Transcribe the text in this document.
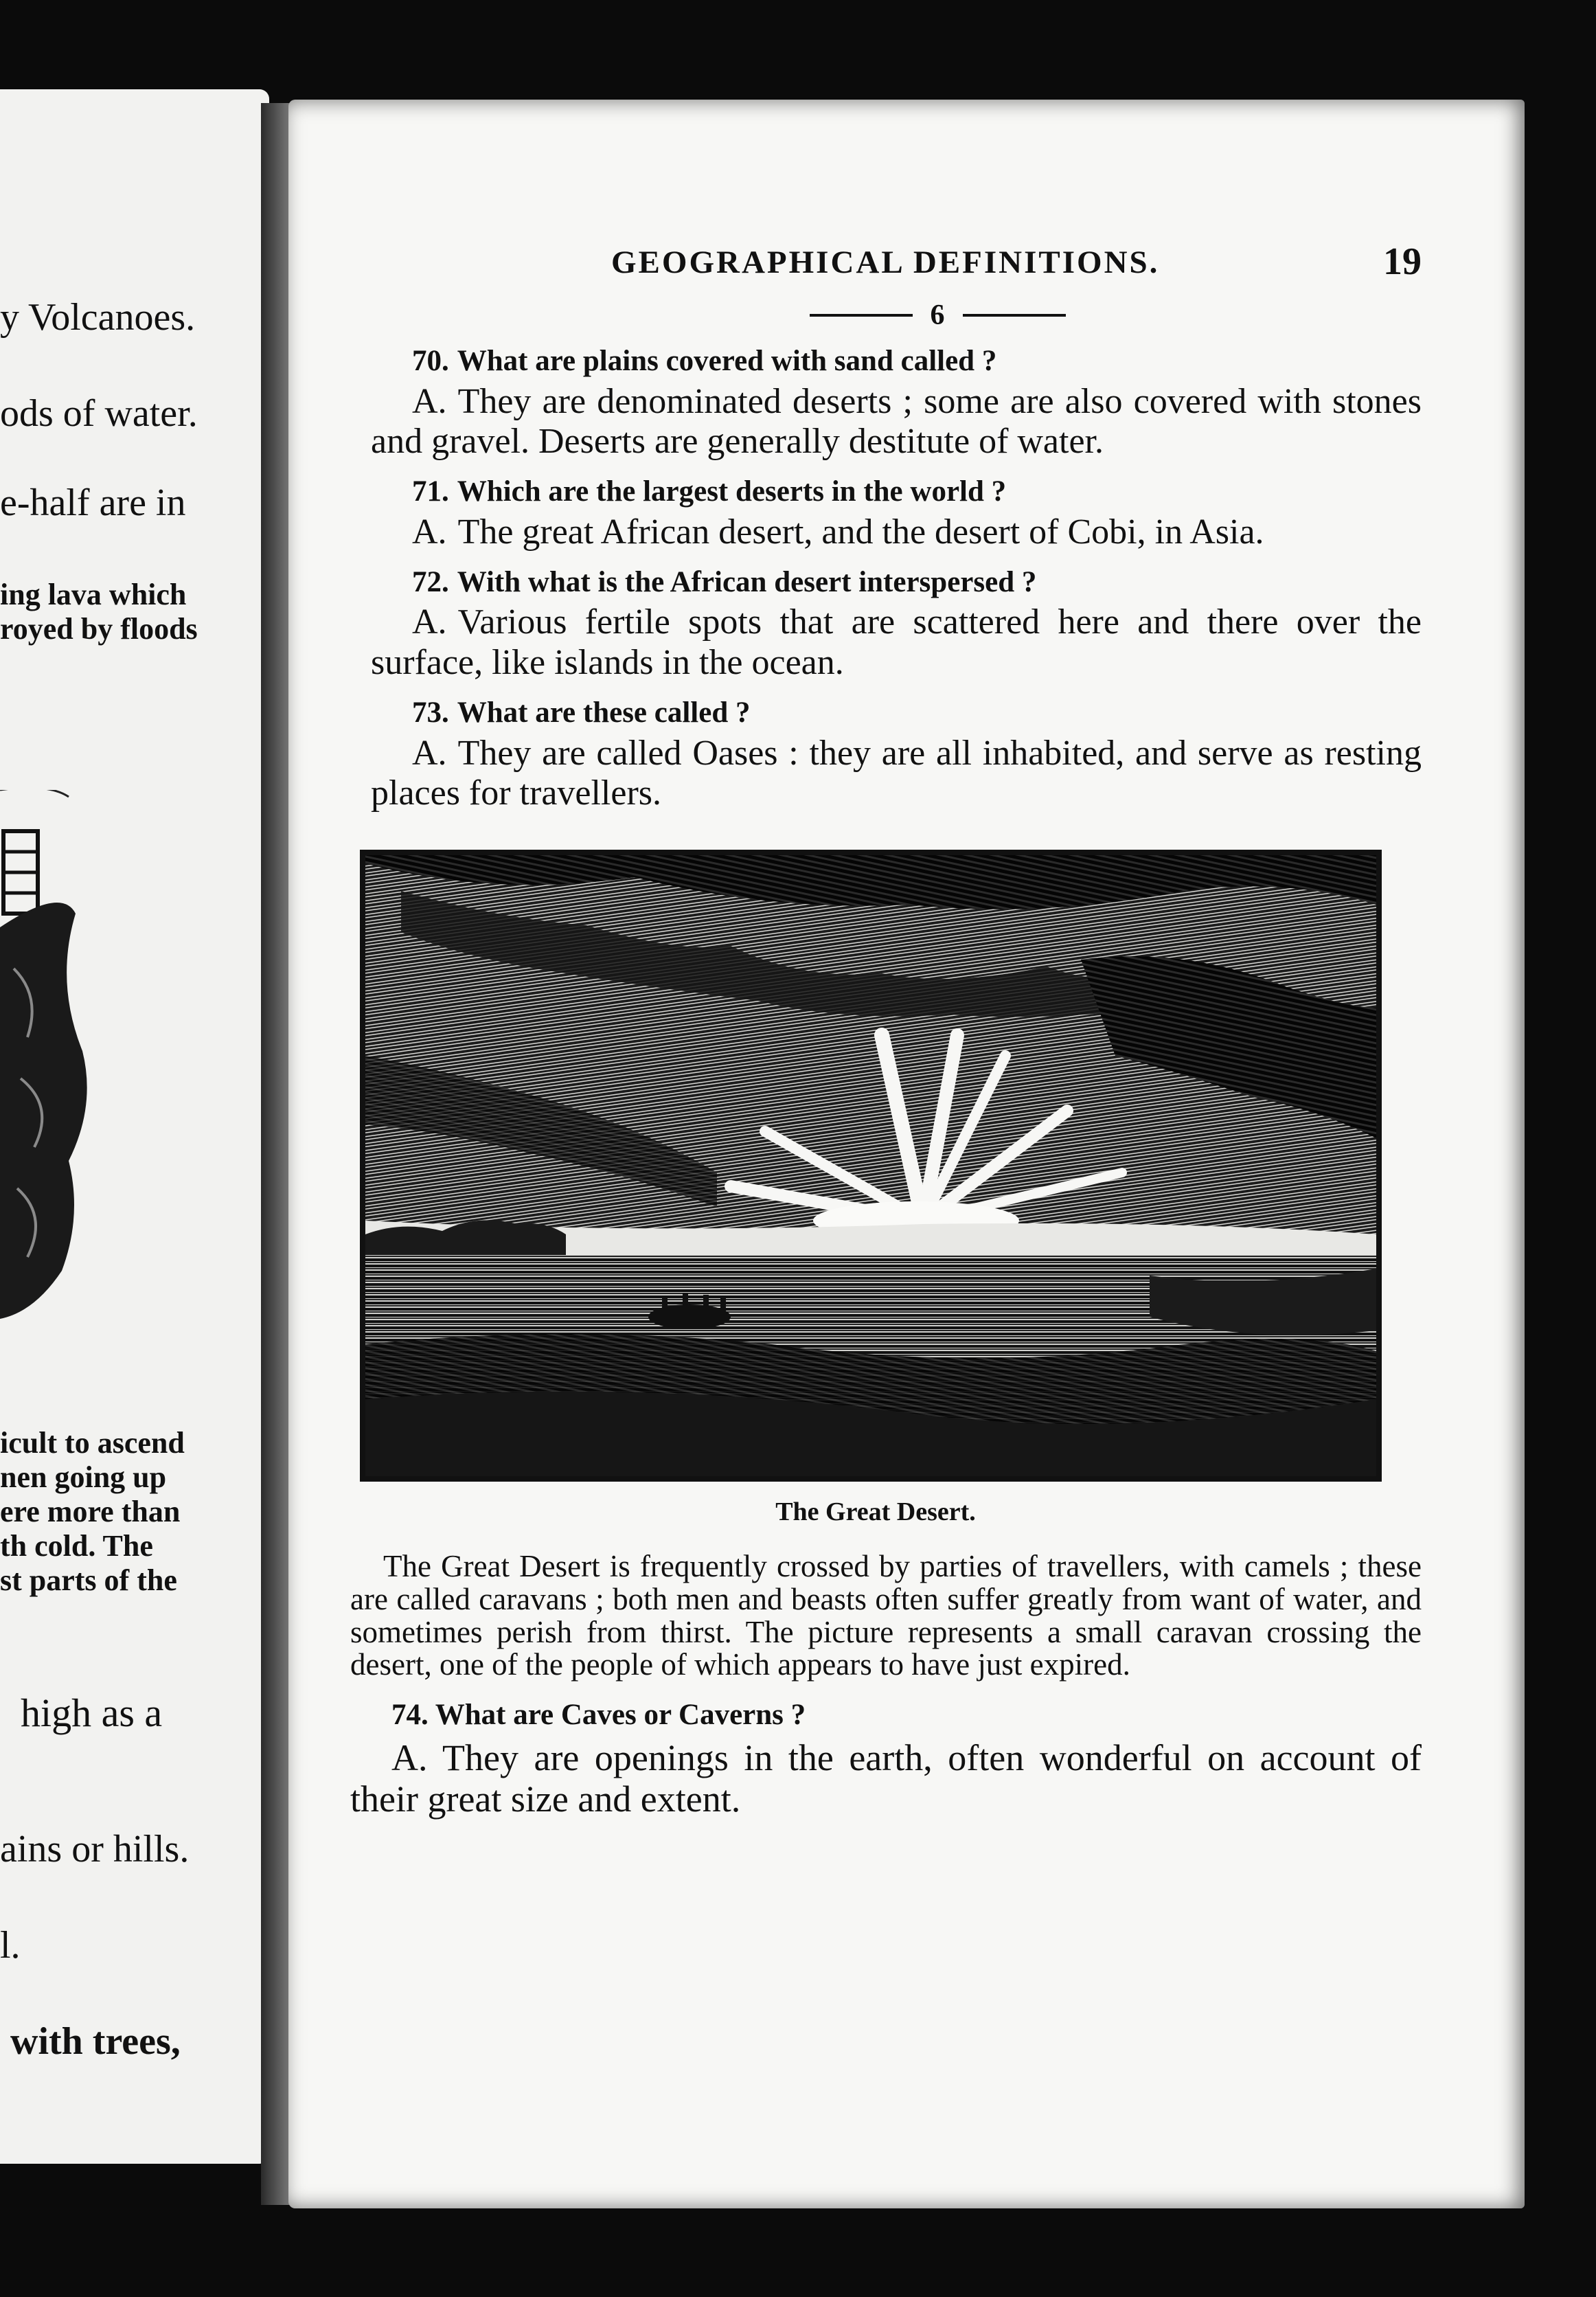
y Volcanoes.
ods of water.
e-half are in
ing lava which
royed by floods
icult to ascend
nen going up
ere more than
th cold. The
st parts of the
high as a
ains or hills.
l.
with trees,
GEOGRAPHICAL DEFINITIONS.	19
6
70. What are plains covered with sand called ?
A. They are denominated deserts ; some are also covered with stones and gravel. Deserts are generally destitute of water.
71. Which are the largest deserts in the world ?
A. The great African desert, and the desert of Cobi, in Asia.
72. With what is the African desert interspersed ?
A. Various fertile spots that are scattered here and there over the surface, like islands in the ocean.
73. What are these called ?
A. They are called Oases : they are all inhabited, and serve as resting places for travellers.
The Great Desert.
The Great Desert is frequently crossed by parties of travellers, with camels ; these are called caravans ; both men and beasts often suffer greatly from want of water, and sometimes perish from thirst. The picture represents a small caravan crossing the desert, one of the people of which appears to have just expired.
74. What are Caves or Caverns ?
A. They are openings in the earth, often wonderful on account of their great size and extent.
